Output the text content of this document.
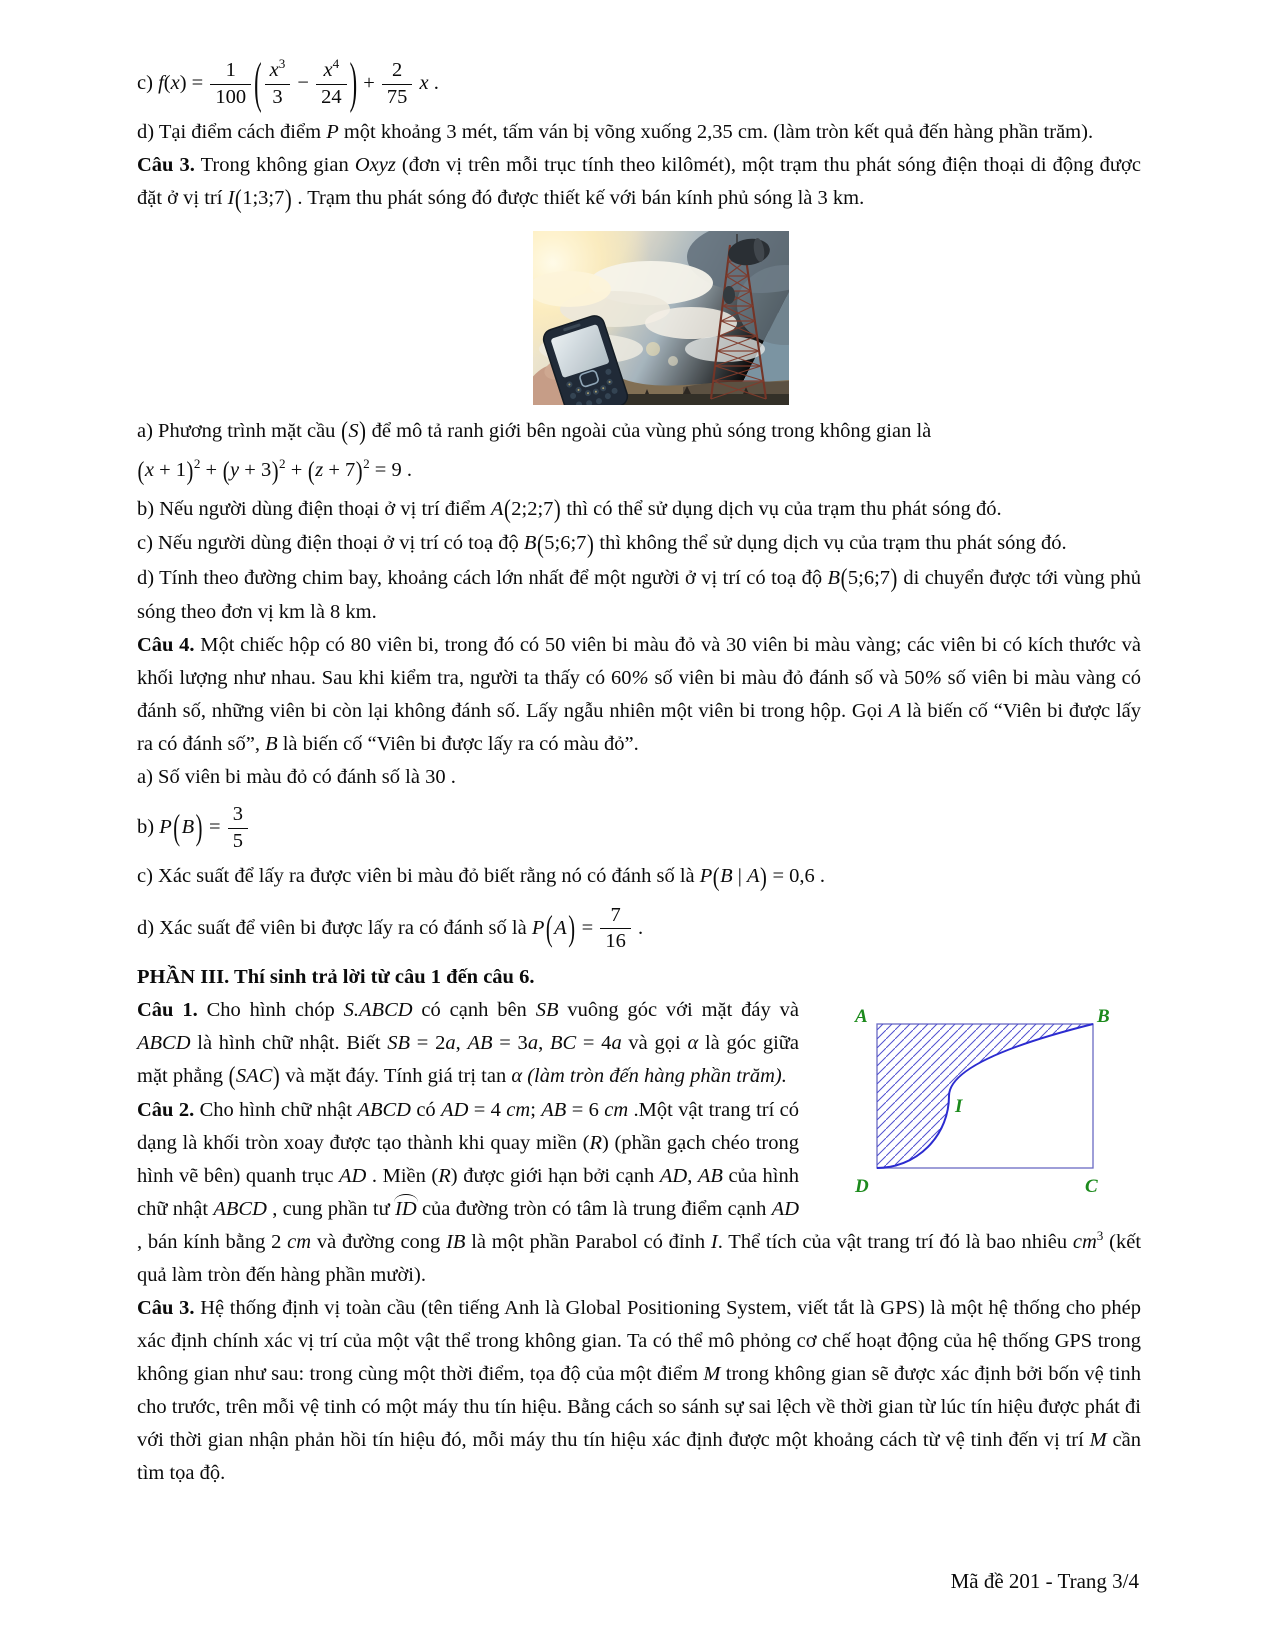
c) $f(x) = \frac{1}{100}$ ( $\frac{x^3}{3} - \frac{x^4}{24}$ ) + $\frac{2}{75}$ x .

d) Tại điểm cách điểm P một khoảng 3 mét, tấm ván bị võng xuống 2,35 cm. (làm tròn kết quả đến hàng phần trăm).

Câu 3. Trong không gian Oxyz (đơn vị trên mỗi trục tính theo kilômét), một trạm thu phát sóng điện thoại di động được đặt ở vị trí I(1;3;7) . Trạm thu phát sóng đó được thiết kế với bán kính phủ sóng là 3 km.

a) Phương trình mặt cầu (S) để mô tả ranh giới bên ngoài của vùng phủ sóng trong không gian là

$(x + 1)^2 + (y + 3)^2 + (z + 7)^2 = 9$ .

b) Nếu người dùng điện thoại ở vị trí điểm A(2;2;7) thì có thể sử dụng dịch vụ của trạm thu phát sóng đó.

c) Nếu người dùng điện thoại ở vị trí có toạ độ B(5;6;7) thì không thể sử dụng dịch vụ của trạm thu phát sóng đó.

d) Tính theo đường chim bay, khoảng cách lớn nhất để một người ở vị trí có toạ độ B(5;6;7) di chuyển được tới vùng phủ sóng theo đơn vị km là 8 km.

Câu 4. Một chiếc hộp có 80 viên bi, trong đó có 50 viên bi màu đỏ và 30 viên bi màu vàng; các viên bi có kích thước và khối lượng như nhau. Sau khi kiểm tra, người ta thấy có 60% số viên bi màu đỏ đánh số và 50% số viên bi màu vàng có đánh số, những viên bi còn lại không đánh số. Lấy ngẫu nhiên một viên bi trong hộp. Gọi A là biến cố “Viên bi được lấy ra có đánh số”, B là biến cố “Viên bi được lấy ra có màu đỏ”.

a) Số viên bi màu đỏ có đánh số là 30 .

b) $P(B) = \frac{3}{5}$

c) Xác suất để lấy ra được viên bi màu đỏ biết rằng nó có đánh số là P(B | A) = 0,6 .

d) Xác suất để viên bi được lấy ra có đánh số là $P(A) = \frac{7}{16}$ .

PHẦN III. Thí sinh trả lời từ câu 1 đến câu 6.

A	B
I
D	C

Câu 1. Cho hình chóp S.ABCD có cạnh bên SB vuông góc với mặt đáy và ABCD là hình chữ nhật. Biết SB = 2a, AB = 3a, BC = 4a và gọi α là góc giữa mặt phẳng (SAC) và mặt đáy. Tính giá trị tan α (làm tròn đến hàng phần trăm).

Câu 2. Cho hình chữ nhật ABCD có AD = 4 cm; AB = 6 cm .Một vật trang trí có dạng là khối tròn xoay được tạo thành khi quay miền (R) (phần gạch chéo trong hình vẽ bên) quanh trục AD . Miền (R) được giới hạn bởi cạnh AD, AB của hình chữ nhật ABCD , cung phần tư ID của đường tròn có tâm là trung điểm cạnh AD , bán kính bằng 2 cm và đường cong IB là một phần Parabol có đỉnh I. Thể tích của vật trang trí đó là bao nhiêu $cm^3$ (kết quả làm tròn đến hàng phần mười).

Câu 3. Hệ thống định vị toàn cầu (tên tiếng Anh là Global Positioning System, viết tắt là GPS) là một hệ thống cho phép xác định chính xác vị trí của một vật thể trong không gian. Ta có thể mô phỏng cơ chế hoạt động của hệ thống GPS trong không gian như sau: trong cùng một thời điểm, tọa độ của một điểm M trong không gian sẽ được xác định bởi bốn vệ tinh cho trước, trên mỗi vệ tinh có một máy thu tín hiệu. Bằng cách so sánh sự sai lệch về thời gian từ lúc tín hiệu được phát đi với thời gian nhận phản hồi tín hiệu đó, mỗi máy thu tín hiệu xác định được một khoảng cách từ vệ tinh đến vị trí M cần tìm tọa độ.

Mã đề 201 - Trang 3/4
